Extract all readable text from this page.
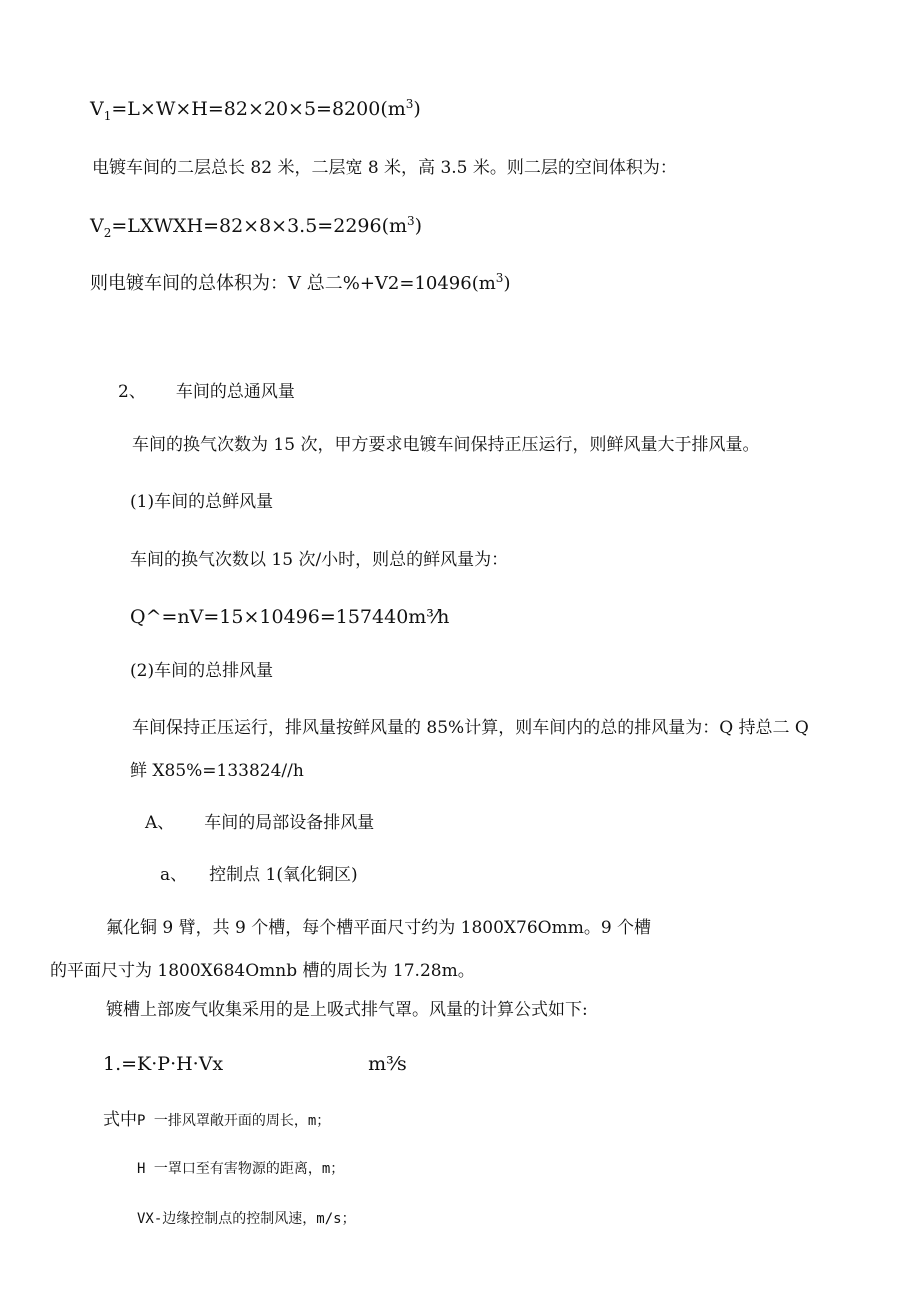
$V_1=L\times W\times H=82\times 20\times 5=8200(m^3)$
电镀车间的二层总长 82 米，二层宽 8 米，高 3.5 米。则二层的空间体积为：
$V_2=LXWXH=82\times 8\times 3.5=2296(m^3)$
则电镀车间的总体积为：V 总二$\%+V2=10496(m^3)$
2、 车间的总通风量
车间的换气次数为 15 次，甲方要求电镀车间保持正压运行，则鲜风量大于排风量。
(1)车间的总鲜风量
车间的换气次数以 15 次/小时，则总的鲜风量为：
Q^=nV=15×10496=157440m³⁄h
(2)车间的总排风量
车间保持正压运行，排风量按鲜风量的 85%计算，则车间内的总的排风量为：Q 持总二 Q
鲜 X85%=133824//h
A、 车间的局部设备排风量
a、 控制点 1(氧化铜区)
氟化铜 9 臂，共 9 个槽，每个槽平面尺寸约为 1800X76Omm。9 个槽
的平面尺寸为 1800X684Omnb 槽的周长为 17.28m。
镀槽上部废气收集采用的是上吸式排气罩。风量的计算公式如下:
1.=K·P·H·Vx	m³⁄s
式中P 一排风罩敞开面的周长，m；
H 一罩口至有害物源的距离，m；
VX-边缘控制点的控制风速，m/s；
